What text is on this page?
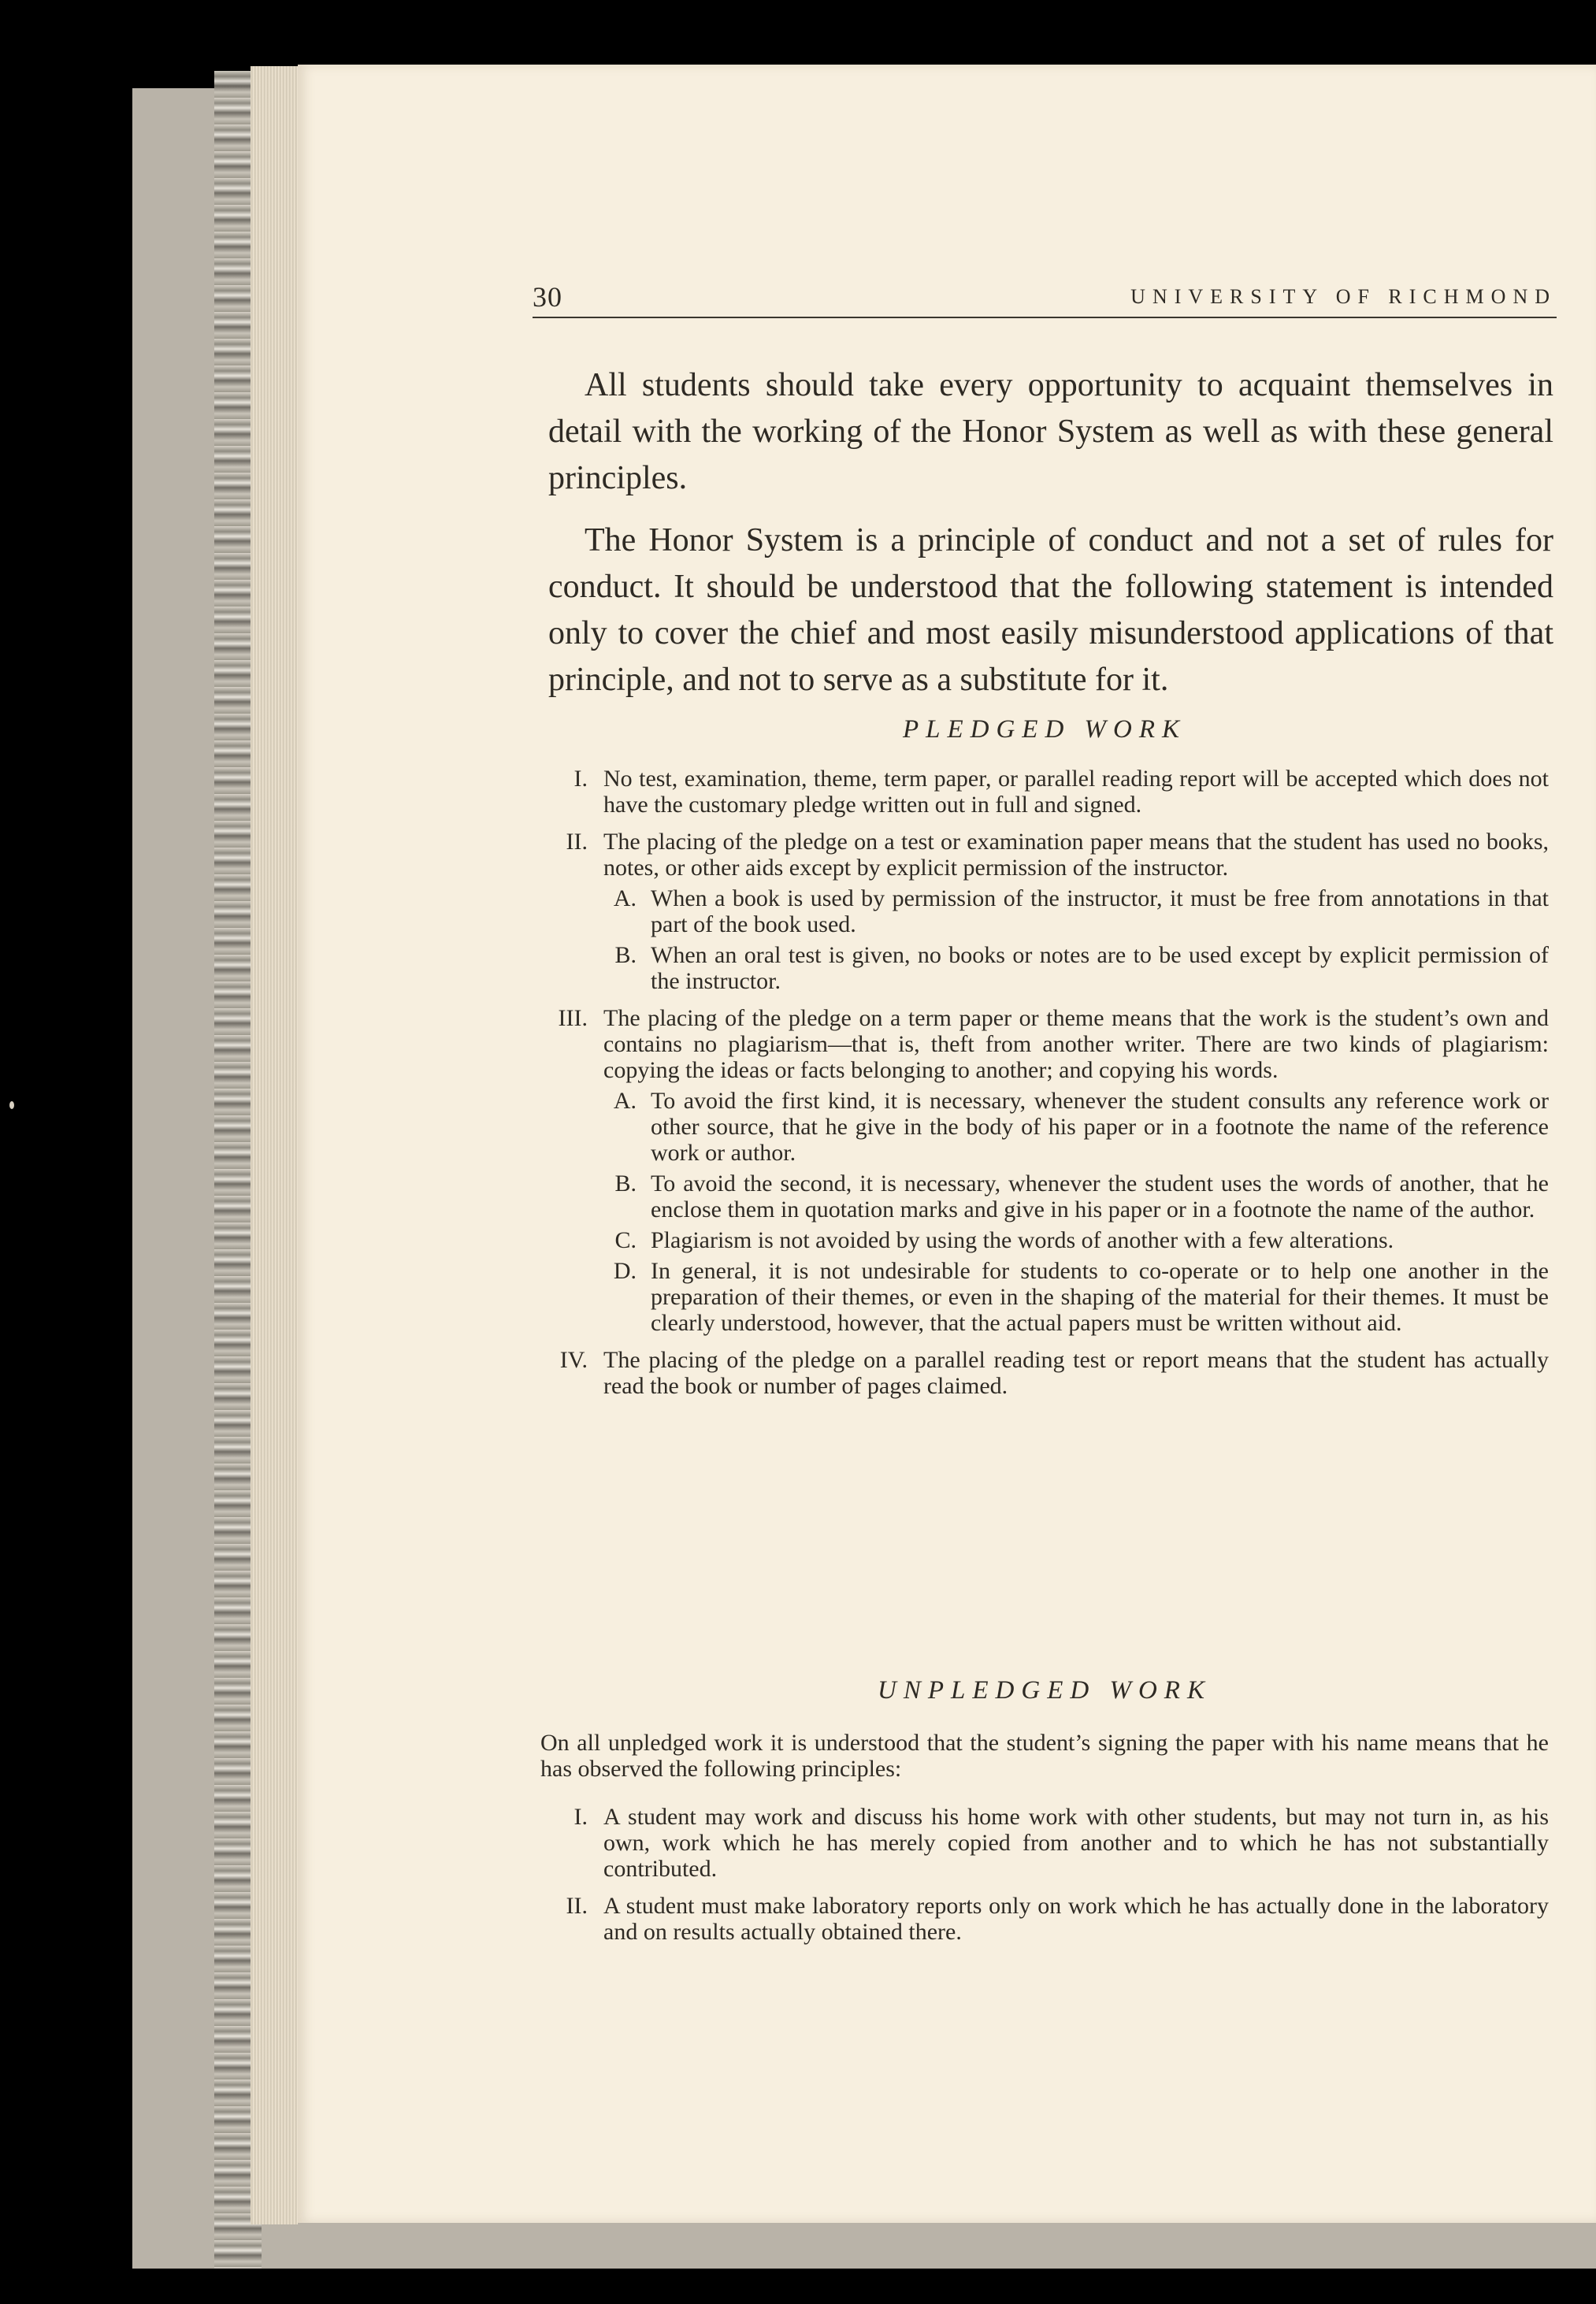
30	UNIVERSITY OF RICHMOND

All students should take every opportunity to acquaint themselves in detail with the working of the Honor System as well as with these general principles.

The Honor System is a principle of conduct and not a set of rules for conduct. It should be understood that the following statement is intended only to cover the chief and most easily misunderstood applications of that principle, and not to serve as a substitute for it.

PLEDGED WORK
I. No test, examination, theme, term paper, or parallel reading report will be accepted which does not have the customary pledge written out in full and signed.
II. The placing of the pledge on a test or examination paper means that the student has used no books, notes, or other aids except by explicit permission of the instructor.
A. When a book is used by permission of the instructor, it must be free from annotations in that part of the book used.
B. When an oral test is given, no books or notes are to be used except by explicit permission of the instructor.
III. The placing of the pledge on a term paper or theme means that the work is the student’s own and contains no plagiarism—that is, theft from another writer. There are two kinds of plagiarism: copying the ideas or facts belonging to another; and copying his words.
A. To avoid the first kind, it is necessary, whenever the student consults any reference work or other source, that he give in the body of his paper or in a footnote the name of the reference work or author.
B. To avoid the second, it is necessary, whenever the student uses the words of another, that he enclose them in quotation marks and give in his paper or in a footnote the name of the author.
C. Plagiarism is not avoided by using the words of another with a few alterations.
D. In general, it is not undesirable for students to co-operate or to help one another in the preparation of their themes, or even in the shaping of the material for their themes. It must be clearly understood, however, that the actual papers must be written without aid.
IV. The placing of the pledge on a parallel reading test or report means that the student has actually read the book or number of pages claimed.
UNPLEDGED WORK
On all unpledged work it is understood that the student’s signing the paper with his name means that he has observed the following principles:
I. A student may work and discuss his home work with other students, but may not turn in, as his own, work which he has merely copied from another and to which he has not substantially contributed.
II. A student must make laboratory reports only on work which he has actually done in the laboratory and on results actually obtained there.
